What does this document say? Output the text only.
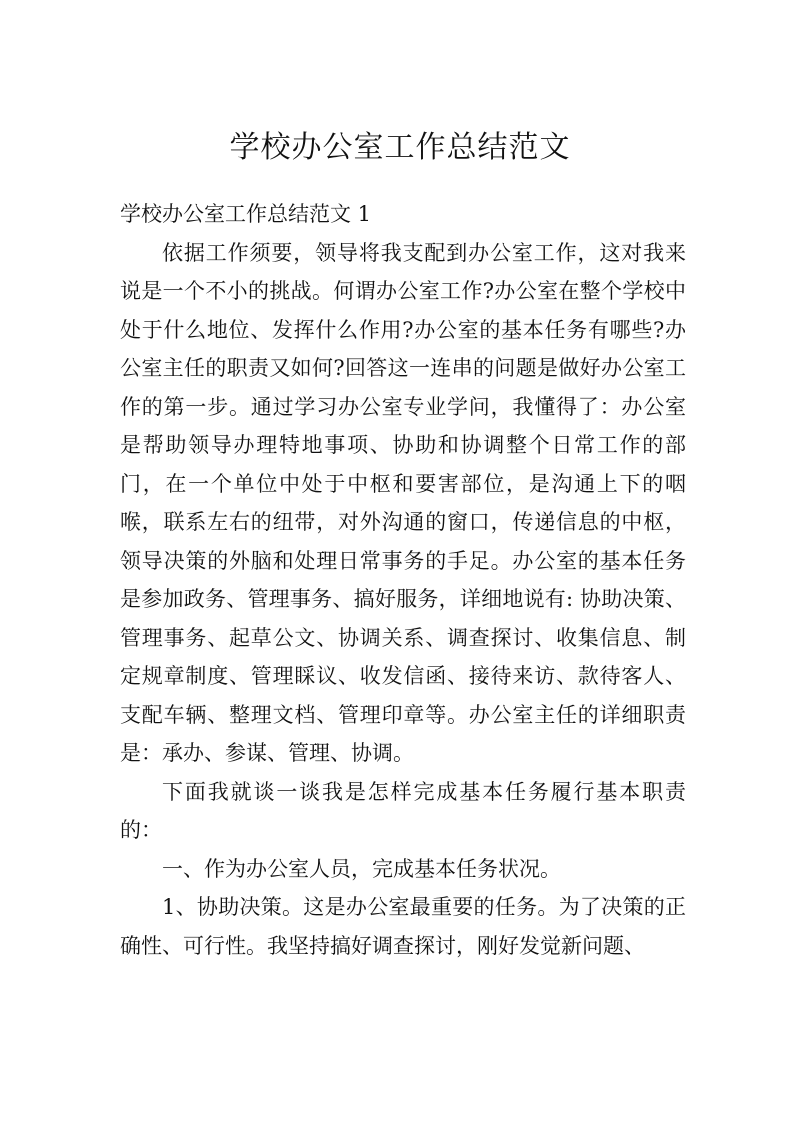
学校办公室工作总结范文

学校办公室工作总结范文 1

依据工作须要，领导将我支配到办公室工作，这对我来说是一个不小的挑战。何谓办公室工作?办公室在整个学校中处于什么地位、发挥什么作用?办公室的基本任务有哪些?办公室主任的职责又如何?回答这一连串的问题是做好办公室工作的第一步。通过学习办公室专业学问，我懂得了：办公室是帮助领导办理特地事项、协助和协调整个日常工作的部门，在一个单位中处于中枢和要害部位，是沟通上下的咽喉，联系左右的纽带，对外沟通的窗口，传递信息的中枢，领导决策的外脑和处理日常事务的手足。办公室的基本任务是参加政务、管理事务、搞好服务，详细地说有: 协助决策、管理事务、起草公文、协调关系、调查探讨、收集信息、制定规章制度、管理睬议、收发信函、接待来访、款待客人、支配车辆、整理文档、管理印章等。办公室主任的详细职责是：承办、参谋、管理、协调。

下面我就谈一谈我是怎样完成基本任务履行基本职责的：

一、作为办公室人员，完成基本任务状况。

1、协助决策。这是办公室最重要的任务。为了决策的正确性、可行性。我坚持搞好调查探讨，刚好发觉新问题、
